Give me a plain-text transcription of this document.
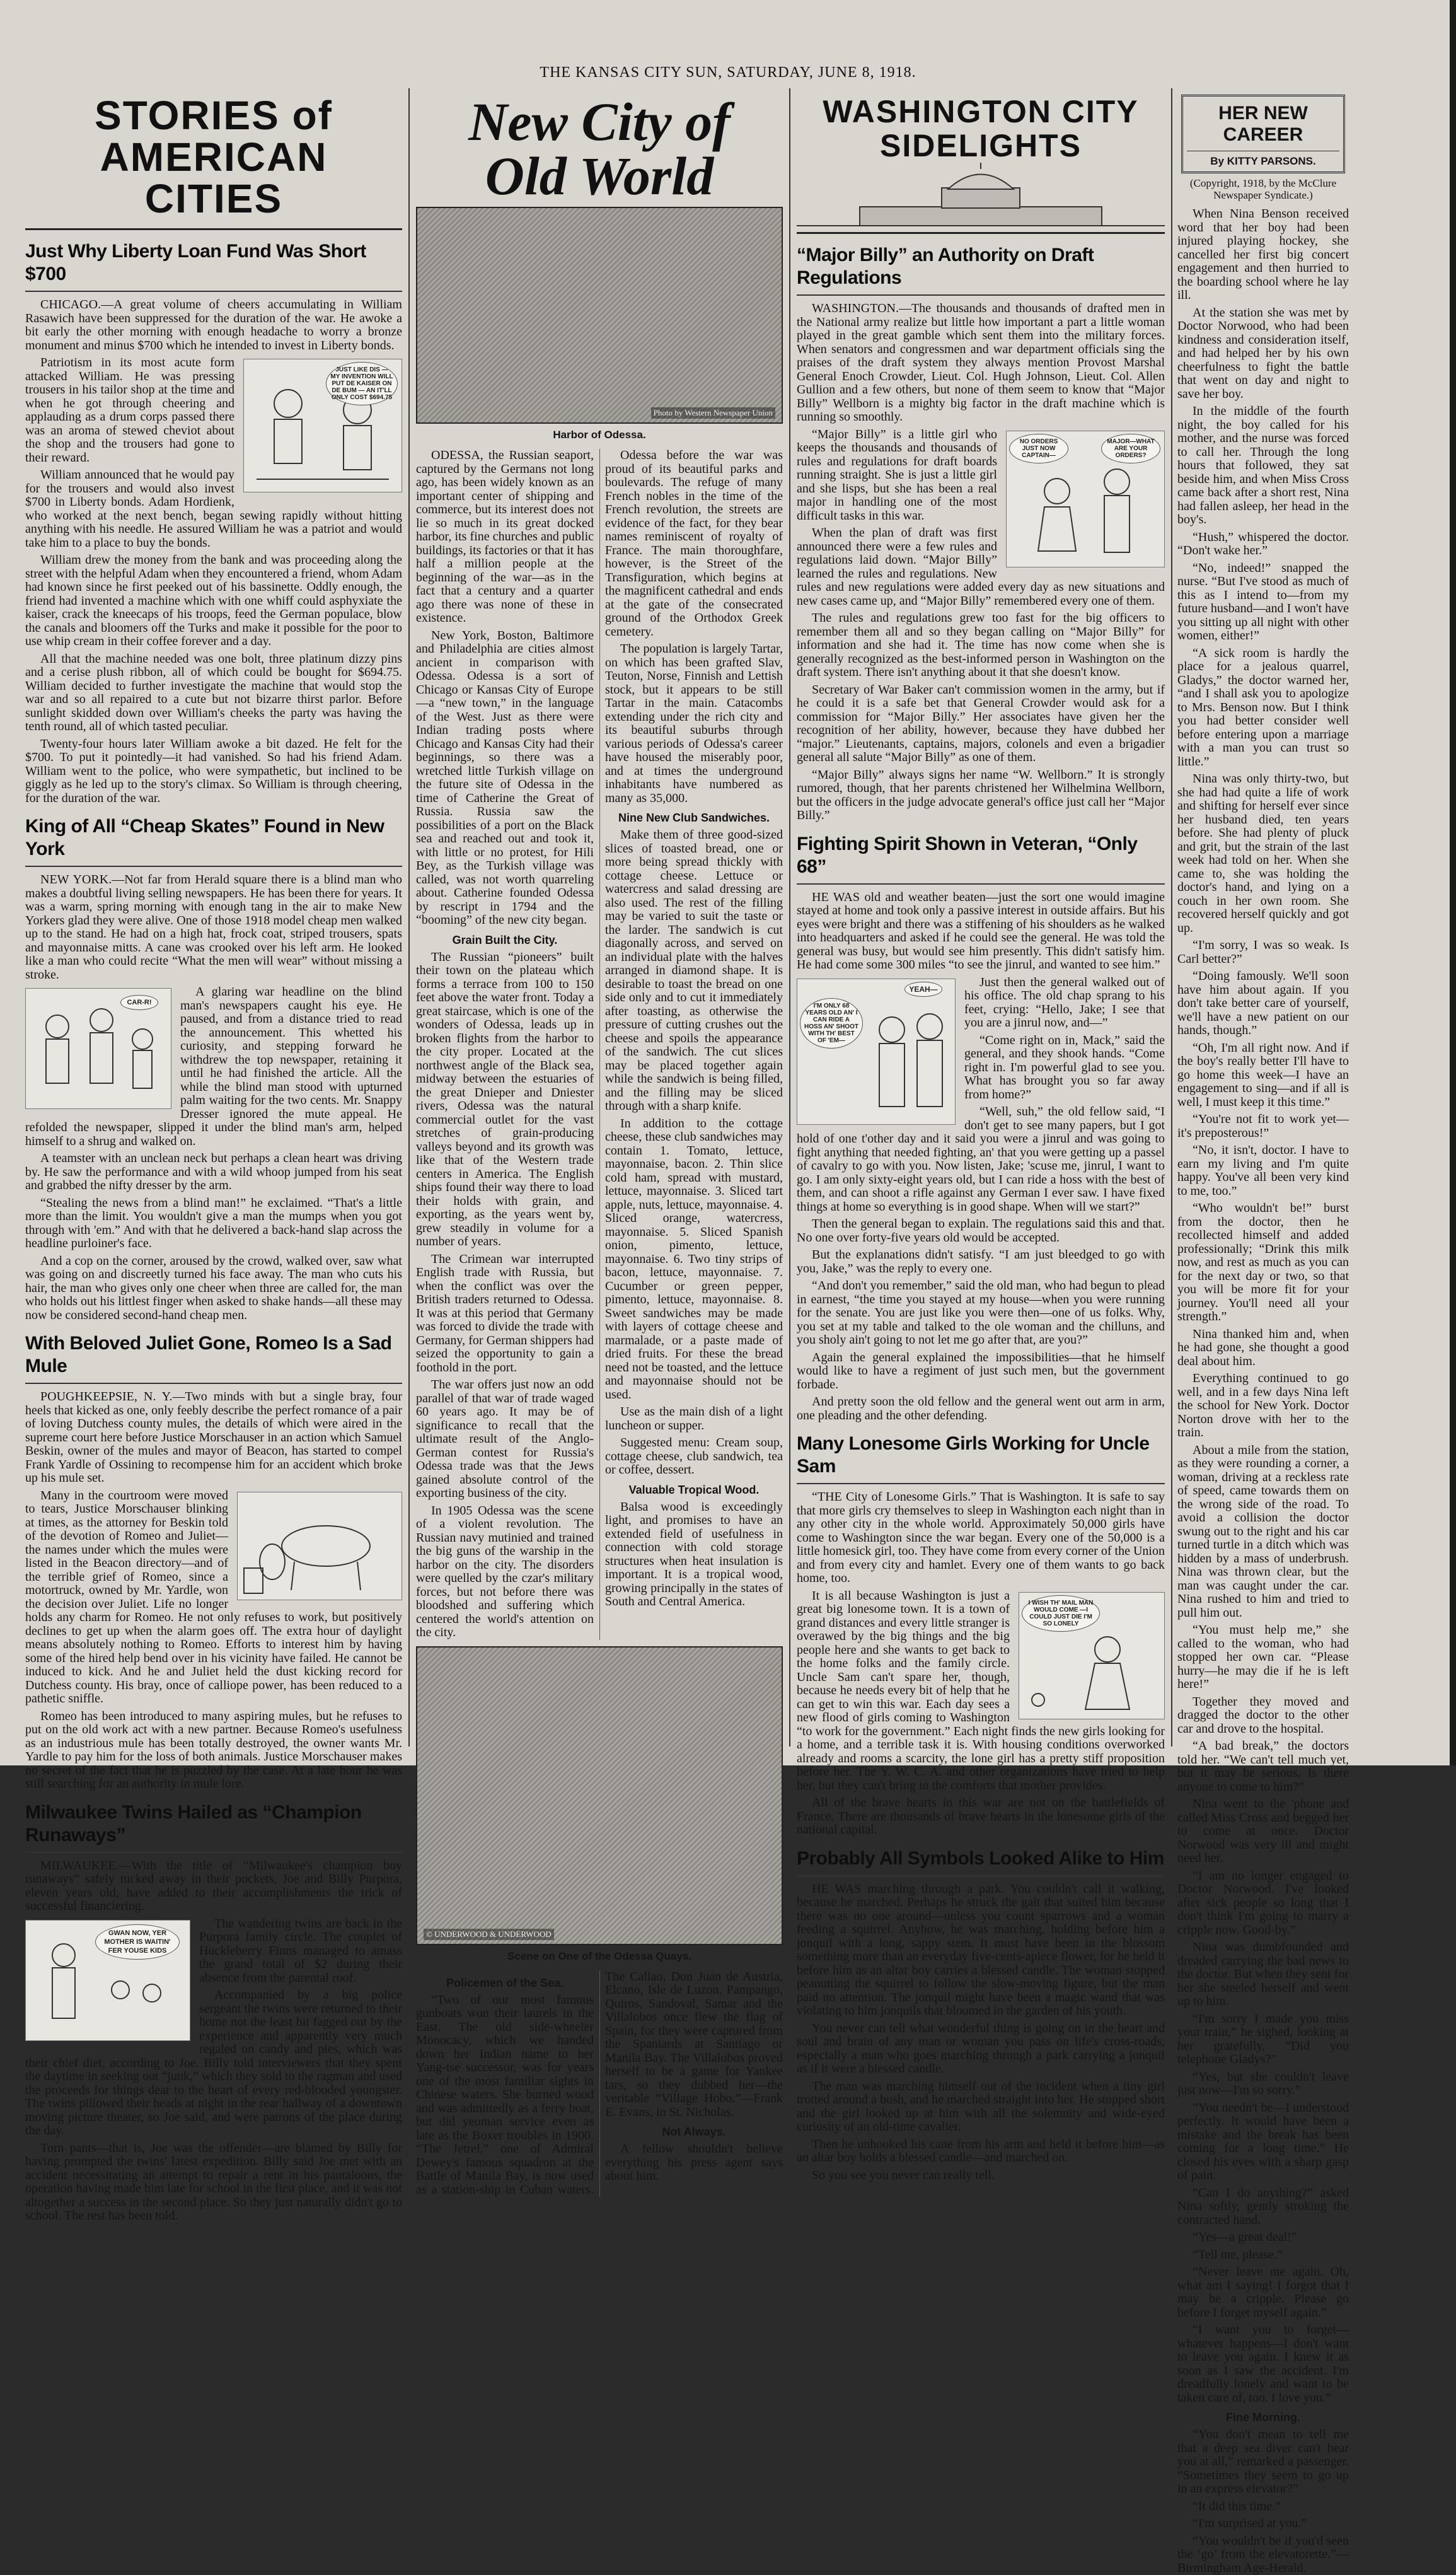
THE KANSAS CITY SUN, SATURDAY, JUNE 8, 1918.
STORIES of
AMERICAN CITIES
Just Why Liberty Loan Fund Was Short $700

CHICAGO.—A great volume of cheers accumulating in William Rasawich have been suppressed for the duration of the war. He awoke a bit early the other morning with enough headache to worry a bronze monument and minus $700 which he intended to invest in Liberty bonds.

JUST LIKE DIS — MY INVENTION WILL PUT DE KAISER ON DE BUM — AN IT'LL ONLY COST $694.75

Patriotism in its most acute form attacked William. He was pressing trousers in his tailor shop at the time and when he got through cheering and applauding as a drum corps passed there was an aroma of stewed cheviot about the shop and the trousers had gone to their reward.

William announced that he would pay for the trousers and would also invest $700 in Liberty bonds. Adam Hordienk, who worked at the next bench, began sewing rapidly without hitting anything with his needle. He assured William he was a patriot and would take him to a place to buy the bonds.

William drew the money from the bank and was proceeding along the street with the helpful Adam when they encountered a friend, whom Adam had known since he first peeked out of his bassinette. Oddly enough, the friend had invented a machine which with one whiff could asphyxiate the kaiser, crack the kneecaps of his troops, feed the German populace, blow the canals and bloomers off the Turks and make it possible for the poor to use whip cream in their coffee forever and a day.

All that the machine needed was one bolt, three platinum dizzy pins and a cerise plush ribbon, all of which could be bought for $694.75. William decided to further investigate the machine that would stop the war and so all repaired to a cute but not bizarre thirst parlor. Before sunlight skidded down over William's cheeks the party was having the tenth round, all of which tasted peculiar.

Twenty-four hours later William awoke a bit dazed. He felt for the $700. To put it pointedly—it had vanished. So had his friend Adam. William went to the police, who were sympathetic, but inclined to be giggly as he led up to the story's climax. So William is through cheering, for the duration of the war.

King of All “Cheap Skates” Found in New York

NEW YORK.—Not far from Herald square there is a blind man who makes a doubtful living selling newspapers. He has been there for years. It was a warm, spring morning with enough tang in the air to make New Yorkers glad they were alive. One of those 1918 model cheap men walked up to the stand. He had on a high hat, frock coat, striped trousers, spats and mayonnaise mitts. A cane was crooked over his left arm. He looked like a man who could recite “What the men will wear” without missing a stroke.

CAR-R!

A glaring war headline on the blind man's newspapers caught his eye. He paused, and from a distance tried to read the announcement. This whetted his curiosity, and stepping forward he withdrew the top newspaper, retaining it until he had finished the article. All the while the blind man stood with upturned palm waiting for the two cents. Mr. Snappy Dresser ignored the mute appeal. He refolded the newspaper, slipped it under the blind man's arm, helped himself to a shrug and walked on.

A teamster with an unclean neck but perhaps a clean heart was driving by. He saw the performance and with a wild whoop jumped from his seat and grabbed the nifty dresser by the arm.

“Stealing the news from a blind man!” he exclaimed. “That's a little more than the limit. You wouldn't give a man the mumps when you got through with 'em.” And with that he delivered a back-hand slap across the headline purloiner's face.

And a cop on the corner, aroused by the crowd, walked over, saw what was going on and discreetly turned his face away. The man who cuts his hair, the man who gives only one cheer when three are called for, the man who holds out his littlest finger when asked to shake hands—all these may now be considered second-hand cheap men.

With Beloved Juliet Gone, Romeo Is a Sad Mule

POUGHKEEPSIE, N. Y.—Two minds with but a single bray, four heels that kicked as one, only feebly describe the perfect romance of a pair of loving Dutchess county mules, the details of which were aired in the supreme court here before Justice Morschauser in an action which Samuel Beskin, owner of the mules and mayor of Beacon, has started to compel Frank Yardle of Ossining to recompense him for an accident which broke up his mule set.

Many in the courtroom were moved to tears, Justice Morschauser blinking at times, as the attorney for Beskin told of the devotion of Romeo and Juliet—the names under which the mules were listed in the Beacon directory—and of the terrible grief of Romeo, since a motortruck, owned by Mr. Yardle, won the decision over Juliet. Life no longer holds any charm for Romeo. He not only refuses to work, but positively declines to get up when the alarm goes off. The extra hour of daylight means absolutely nothing to Romeo. Efforts to interest him by having some of the hired help bend over in his vicinity have failed. He cannot be induced to kick. And he and Juliet held the dust kicking record for Dutchess county. His bray, once of calliope power, has been reduced to a pathetic sniffle.

Romeo has been introduced to many aspiring mules, but he refuses to put on the old work act with a new partner. Because Romeo's usefulness as an industrious mule has been totally destroyed, the owner wants Mr. Yardle to pay him for the loss of both animals. Justice Morschauser makes no secret of the fact that he is puzzled by the case. At a late hour he was still searching for an authority in mule lore.

Milwaukee Twins Hailed as “Champion Runaways”

MILWAUKEE.—With the title of “Milwaukee's champion boy runaways” safely tucked away in their pockets, Joe and Billy Purpora, eleven years old, have added to their accomplishments the trick of successful financiering.

GWAN NOW, YER MOTHER IS WAITIN' FER YOUSE KIDS

The wandering twins are back in the Purpora family circle. The couplet of Huckleberry Finns managed to amass the grand total of $2 during their absence from the parental roof.

Accompanied by a big police sergeant the twins were returned to their home not the least bit fagged out by the experience and apparently very much regaled on candy and pies, which was their chief diet, according to Joe. Billy told interviewers that they spent the daytime in seeking out “junk,” which they sold to the ragman and used the proceeds for things dear to the heart of every red-blooded youngster. The twins pillowed their heads at night in the rear hallway of a downtown moving picture theater, so Joe said, and were patrons of the place during the day.

Torn pants—that is, Joe was the offender—are blamed by Billy for having prompted the twins' latest expedition. Billy said Joe met with an accident necessitating an attempt to repair a rent in his pantaloons, the operation having made him late for school in the first place, and it was not altogether a success in the second place. So they just naturally didn't go to school. The rest has been told.

New City of
Old World
Photo by Western Newspaper Union
Harbor of Odessa.

ODESSA, the Russian seaport, captured by the Germans not long ago, has been widely known as an important center of shipping and commerce, but its interest does not lie so much in its great docked harbor, its fine churches and public buildings, its factories or that it has half a million people at the beginning of the war—as in the fact that a century and a quarter ago there was none of these in existence.

New York, Boston, Baltimore and Philadelphia are cities almost ancient in comparison with Odessa. Odessa is a sort of Chicago or Kansas City of Europe—a “new town,” in the language of the West. Just as there were Indian trading posts where Chicago and Kansas City had their beginnings, so there was a wretched little Turkish village on the future site of Odessa in the time of Catherine the Great of Russia. Russia saw the possibilities of a port on the Black sea and reached out and took it, with little or no protest, for Hili Bey, as the Turkish village was called, was not worth quarreling about. Catherine founded Odessa by rescript in 1794 and the “booming” of the new city began.

Grain Built the City.

The Russian “pioneers” built their town on the plateau which forms a terrace from 100 to 150 feet above the water front. Today a great staircase, which is one of the wonders of Odessa, leads up in broken flights from the harbor to the city proper. Located at the northwest angle of the Black sea, midway between the estuaries of the great Dnieper and Dniester rivers, Odessa was the natural commercial outlet for the vast stretches of grain-producing valleys beyond and its growth was like that of the Western trade centers in America. The English ships found their way there to load their holds with grain, and exporting, as the years went by, grew steadily in volume for a number of years.

The Crimean war interrupted English trade with Russia, but when the conflict was over the British traders returned to Odessa. It was at this period that Germany was forced to divide the trade with Germany, for German shippers had seized the opportunity to gain a foothold in the port.

The war offers just now an odd parallel of that war of trade waged 60 years ago. It may be of significance to recall that the ultimate result of the Anglo-German contest for Russia's Odessa trade was that the Jews gained absolute control of the exporting business of the city.

In 1905 Odessa was the scene of a violent revolution. The Russian navy mutinied and trained the big guns of the warship in the harbor on the city. The disorders were quelled by the czar's military forces, but not before there was bloodshed and suffering which centered the world's attention on the city.

Odessa before the war was proud of its beautiful parks and boulevards. The refuge of many French nobles in the time of the French revolution, the streets are evidence of the fact, for they bear names reminiscent of royalty of France. The main thoroughfare, however, is the Street of the Transfiguration, which begins at the magnificent cathedral and ends at the gate of the consecrated ground of the Orthodox Greek cemetery.

The population is largely Tartar, on which has been grafted Slav, Teuton, Norse, Finnish and Lettish stock, but it appears to be still Tartar in the main. Catacombs extending under the rich city and its beautiful suburbs through various periods of Odessa's career have housed the miserably poor, and at times the underground inhabitants have numbered as many as 35,000.

Nine New Club Sandwiches.

Make them of three good-sized slices of toasted bread, one or more being spread thickly with cottage cheese. Lettuce or watercress and salad dressing are also used. The rest of the filling may be varied to suit the taste or the larder. The sandwich is cut diagonally across, and served on an individual plate with the halves arranged in diamond shape. It is desirable to toast the bread on one side only and to cut it immediately after toasting, as otherwise the pressure of cutting crushes out the cheese and spoils the appearance of the sandwich. The cut slices may be placed together again while the sandwich is being filled, and the filling may be sliced through with a sharp knife.

In addition to the cottage cheese, these club sandwiches may contain 1. Tomato, lettuce, mayonnaise, bacon. 2. Thin slice cold ham, spread with mustard, lettuce, mayonnaise. 3. Sliced tart apple, nuts, lettuce, mayonnaise. 4. Sliced orange, watercress, mayonnaise. 5. Sliced Spanish onion, pimento, lettuce, mayonnaise. 6. Two tiny strips of bacon, lettuce, mayonnaise. 7. Cucumber or green pepper, pimento, lettuce, mayonnaise. 8. Sweet sandwiches may be made with layers of cottage cheese and marmalade, or a paste made of dried fruits. For these the bread need not be toasted, and the lettuce and mayonnaise should not be used.

Use as the main dish of a light luncheon or supper.

Suggested menu: Cream soup, cottage cheese, club sandwich, tea or coffee, dessert.

Valuable Tropical Wood.

Balsa wood is exceedingly light, and promises to have an extended field of usefulness in connection with cold storage structures when heat insulation is important. It is a tropical wood, growing principally in the states of South and Central America.

© UNDERWOOD & UNDERWOOD
Scene on One of the Odessa Quays.
Policemen of the Sea.

“Two of our most famous gunboats won their laurels in the East. The old side-wheeler Monocacy, which we handed down her Indian name to her Yang-tse successor, was for years one of the most familiar sights in Chinese waters. She burned wood and was admittedly as a ferry boat, but did yeoman service even as late as the Boxer troubles in 1900. “The Jetrel,” one of Admiral Dewey's famous squadron at the Battle of Manila Bay, is now used as a station-ship in Cuban waters. The Callao, Don Juan de Austria, Elcano, Isle de Luzon, Pampango, Quiros, Sandoval, Samar and the Villalobos once flew the flag of Spain, for they were captured from the Spaniards at Santiago or Manila Bay. The Villalobos proved herself to be a game for Yankee tars, so they dubbed her—the veritable “Village Hobo.”—Frank E. Evans, in St. Nicholas.

Not Always.

A fellow shouldn't believe everything his press agent says about him.

WASHINGTON CITY
SIDELIGHTS
“Major Billy” an Authority on Draft Regulations

WASHINGTON.—The thousands and thousands of drafted men in the National army realize but little how important a part a little woman played in the great gamble which sent them into the military forces. When senators and congressmen and war department officials sing the praises of the draft system they always mention Provost Marshal General Enoch Crowder, Lieut. Col. Hugh Johnson, Lieut. Col. Allen Gullion and a few others, but none of them seem to know that “Major Billy” Wellborn is a mighty big factor in the draft machine which is running so smoothly.

NO ORDERS JUST NOW CAPTAIN—
MAJOR—WHAT ARE YOUR ORDERS?

“Major Billy” is a little girl who keeps the thousands and thousands of rules and regulations for draft boards running straight. She is just a little girl and she lisps, but she has been a real major in handling one of the most difficult tasks in this war.

When the plan of draft was first announced there were a few rules and regulations laid down. “Major Billy” learned the rules and regulations. New rules and new regulations were added every day as new situations and new cases came up, and “Major Billy” remembered every one of them.

The rules and regulations grew too fast for the big officers to remember them all and so they began calling on “Major Billy” for information and she had it. The time has now come when she is generally recognized as the best-informed person in Washington on the draft system. There isn't anything about it that she doesn't know.

Secretary of War Baker can't commission women in the army, but if he could it is a safe bet that General Crowder would ask for a commission for “Major Billy.” Her associates have given her the recognition of her ability, however, because they have dubbed her “major.” Lieutenants, captains, majors, colonels and even a brigadier general all salute “Major Billy” as one of them.

“Major Billy” always signs her name “W. Wellborn.” It is strongly rumored, though, that her parents christened her Wilhelmina Wellborn, but the officers in the judge advocate general's office just call her “Major Billy.”

Fighting Spirit Shown in Veteran, “Only 68”

HE WAS old and weather beaten—just the sort one would imagine stayed at home and took only a passive interest in outside affairs. But his eyes were bright and there was a stiffening of his shoulders as he walked into headquarters and asked if he could see the general. He was told the general was busy, but would see him presently. This didn't satisfy him. He had come some 300 miles “to see the jinrul, and wanted to see him.”

I'M ONLY 68 YEARS OLD AN' I CAN RIDE A HOSS AN' SHOOT WITH TH' BEST OF 'EM—
YEAH—	Just then the general walked out of his office. The old chap sprang to his feet, crying: “Hello, Jake; I see that you are a jinrul now, and—”

“Come right on in, Mack,” said the general, and they shook hands. “Come right in. I'm powerful glad to see you. What has brought you so far away from home?”

“Well, suh,” the old fellow said, “I don't get to see many papers, but I got hold of one t'other day and it said you were a jinrul and was going to fight anything that needed fighting, an' that you were getting up a passel of cavalry to go with you. Now listen, Jake; 'scuse me, jinrul, I want to go. I am only sixty-eight years old, but I can ride a hoss with the best of them, and can shoot a rifle against any German I ever saw. I have fixed things at home so everything is in good shape. When will we start?”

Then the general began to explain. The regulations said this and that. No one over forty-five years old would be accepted.

But the explanations didn't satisfy. “I am just bleedged to go with you, Jake,” was the reply to every one.

“And don't you remember,” said the old man, who had begun to plead in earnest, “the time you stayed at my house—when you were running for the senate. You are just like you were then—one of us folks. Why, you set at my table and talked to the ole woman and the chilluns, and you sholy ain't going to not let me go after that, are you?”

Again the general explained the impossibilities—that he himself would like to have a regiment of just such men, but the government forbade.

And pretty soon the old fellow and the general went out arm in arm, one pleading and the other defending.

Many Lonesome Girls Working for Uncle Sam

“THE City of Lonesome Girls.” That is Washington. It is safe to say that more girls cry themselves to sleep in Washington each night than in any other city in the whole world. Approximately 50,000 girls have come to Washington since the war began. Every one of the 50,000 is a little homesick girl, too. They have come from every corner of the Union and from every city and hamlet. Every one of them wants to go back home, too.

I WISH TH' MAIL MAN WOULD COME —I COULD JUST DIE I'M SO LONELY

It is all because Washington is just a great big lonesome town. It is a town of grand distances and every little stranger is overawed by the big things and the big people here and she wants to get back to the home folks and the family circle. Uncle Sam can't spare her, though, because he needs every bit of help that he can get to win this war. Each day sees a new flood of girls coming to Washington “to work for the government.” Each night finds the new girls looking for a home, and a terrible task it is. With housing conditions overworked already and rooms a scarcity, the lone girl has a pretty stiff proposition before her. The Y. W. C. A. and other organizations have tried to help her, but they can't bring in the comforts that mother provides.

All of the brave hearts in this war are not on the battlefields of France. There are thousands of brave hearts in the lonesome girls of the national capital.

Probably All Symbols Looked Alike to Him

HE WAS marching through a park. You couldn't call it walking, because he marched. Perhaps he struck the gait that suited him because there was no one around—unless you count sparrows and a woman feeding a squirrel. Anyhow, he was marching, holding before him a jonquil with a long, sappy stem. It must have been in the blossom something more than an everyday five-cents-apiece flower, for he held it before him as an altar boy carries a blessed candle. The woman stopped peanutting the squirrel to follow the slow-moving figure, but the man paid no attention. The jonquil might have been a magic wand that was violating to him jonquils that bloomed in the garden of his youth.

You never can tell what wonderful thing is going on in the heart and soul and brain of any man or woman you pass on life's cross-roads, especially a man who goes marching through a park carrying a jonquil as if it were a blessed candle.

The man was marching himself out of the incident when a tiny girl trotted around a bush, and he marched straight into her. He stopped short and the girl looked up at him with all the solemnity and wide-eyed curiosity of an old-time cavalier.

Then he unhooked his cane from his arm and held it before him—as an altar boy holds a blessed candle—and marched on.

So you see you never can really tell.

HER NEW CAREER
By KITTY PARSONS.
(Copyright, 1918, by the McClure Newspaper Syndicate.)

When Nina Benson received word that her boy had been injured playing hockey, she cancelled her first big concert engagement and then hurried to the boarding school where he lay ill.

At the station she was met by Doctor Norwood, who had been kindness and consideration itself, and had helped her by his own cheerfulness to fight the battle that went on day and night to save her boy.

In the middle of the fourth night, the boy called for his mother, and the nurse was forced to call her. Through the long hours that followed, they sat beside him, and when Miss Cross came back after a short rest, Nina had fallen asleep, her head in the boy's.

“Hush,” whispered the doctor. “Don't wake her.”

“No, indeed!” snapped the nurse. “But I've stood as much of this as I intend to—from my future husband—and I won't have you sitting up all night with other women, either!”

“A sick room is hardly the place for a jealous quarrel, Gladys,” the doctor warned her, “and I shall ask you to apologize to Mrs. Benson now. But I think you had better consider well before entering upon a marriage with a man you can trust so little.”

Nina was only thirty-two, but she had had quite a life of work and shifting for herself ever since her husband died, ten years before. She had plenty of pluck and grit, but the strain of the last week had told on her. When she came to, she was holding the doctor's hand, and lying on a couch in her own room. She recovered herself quickly and got up.

“I'm sorry, I was so weak. Is Carl better?”

“Doing famously. We'll soon have him about again. If you don't take better care of yourself, we'll have a new patient on our hands, though.”

“Oh, I'm all right now. And if the boy's really better I'll have to go home this week—I have an engagement to sing—and if all is well, I must keep it this time.”

“You're not fit to work yet—it's preposterous!”

“No, it isn't, doctor. I have to earn my living and I'm quite happy. You've all been very kind to me, too.”

“Who wouldn't be!” burst from the doctor, then he recollected himself and added professionally; “Drink this milk now, and rest as much as you can for the next day or two, so that you will be more fit for your journey. You'll need all your strength.”

Nina thanked him and, when he had gone, she thought a good deal about him.

Everything continued to go well, and in a few days Nina left the school for New York. Doctor Norton drove with her to the train.

About a mile from the station, as they were rounding a corner, a woman, driving at a reckless rate of speed, came towards them on the wrong side of the road. To avoid a collision the doctor swung out to the right and his car turned turtle in a ditch which was hidden by a mass of underbrush. Nina was thrown clear, but the man was caught under the car. Nina rushed to him and tried to pull him out.

“You must help me,” she called to the woman, who had stopped her own car. “Please hurry—he may die if he is left here!”

Together they moved and dragged the doctor to the other car and drove to the hospital.

“A bad break,” the doctors told her. “We can't tell much yet, but it may be serious. Is there anyone to come to him?”

Nina went to the 'phone and called Miss Cross and begged her to come at once. Doctor Norwood was very ill and might need her.

“I am no longer engaged to Doctor Norwood. I've looked after sick people so long that I don't think I'm going to marry a cripple now. Good-by.”

Nina was dumbfounded and dreaded carrying the bad news to the doctor. But when they sent for her she steeled herself and went up to him.

“I'm sorry I made you miss your train,” he sighed, looking at her gratefully, “Did you telephone Gladys?”

“Yes, but she couldn't leave just now—I'm so sorry.”

“You needn't be—I understood perfectly. It would have been a mistake and the break has been coming for a long time.” He closed his eyes with a sharp gasp of pain.

“Can I do anything?” asked Nina softly, gently stroking the contracted hand.

“Yes—a great deal!”

“Tell me, please.”

“Never leave me again. Oh, what am I saying! I forgot that I may be a cripple. Please go before I forget myself again.”

“I want you to forget—whatever happens—I don't want to leave you again. I knew it as soon as I saw the accident. I'm dreadfully lonely and want to be taken care of, too. I love you.”

Fine Morning.

“You don't mean to tell me that a deep sea diver can't hear you at all,” remarked a passenger. “Sometimes they seem to go up in an express elevator?”

“It did this time.”

“I'm surprised at you.”

“You wouldn't be if you'd seen the ‘go’ from the elevatorette.”—Birmingham Age-Herald.
